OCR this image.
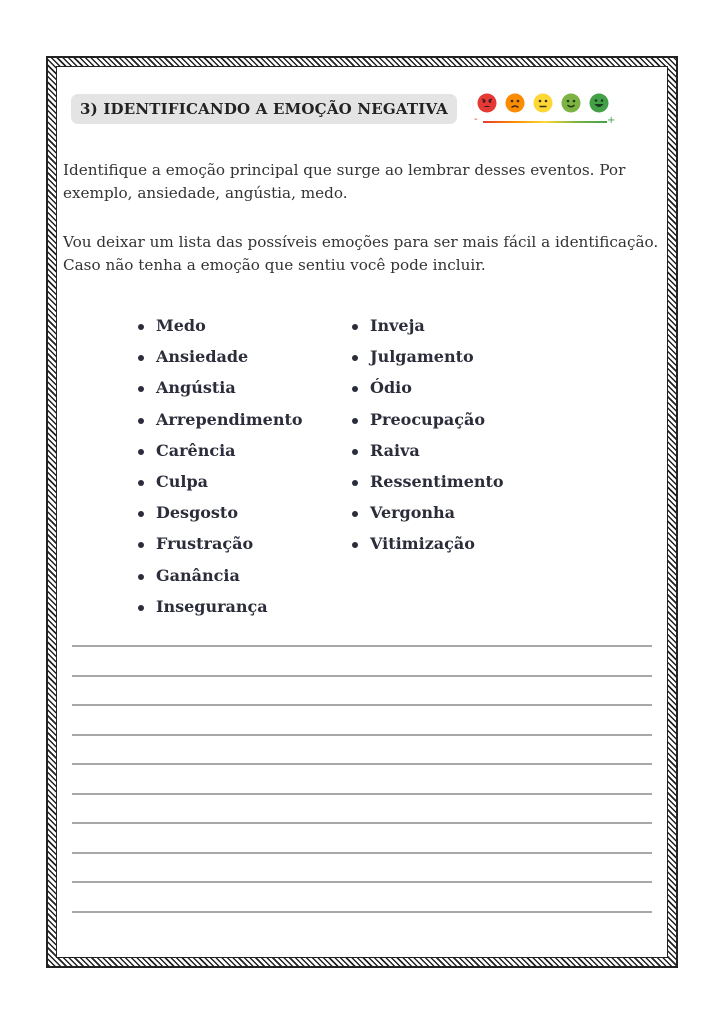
3) IDENTIFICANDO A EMOÇÃO NEGATIVA
-	+

Identifique a emoção principal que surge ao lembrar desses eventos. Por exemplo, ansiedade, angústia, medo.

Vou deixar um lista das possíveis emoções para ser mais fácil a identificação. Caso não tenha a emoção que sentiu você pode incluir.

Medo
Ansiedade
Angústia
Arrependimento
Carência
Culpa
Desgosto
Frustração
Ganância
Insegurança
Inveja
Julgamento
Ódio
Preocupação
Raiva
Ressentimento
Vergonha
Vitimização
